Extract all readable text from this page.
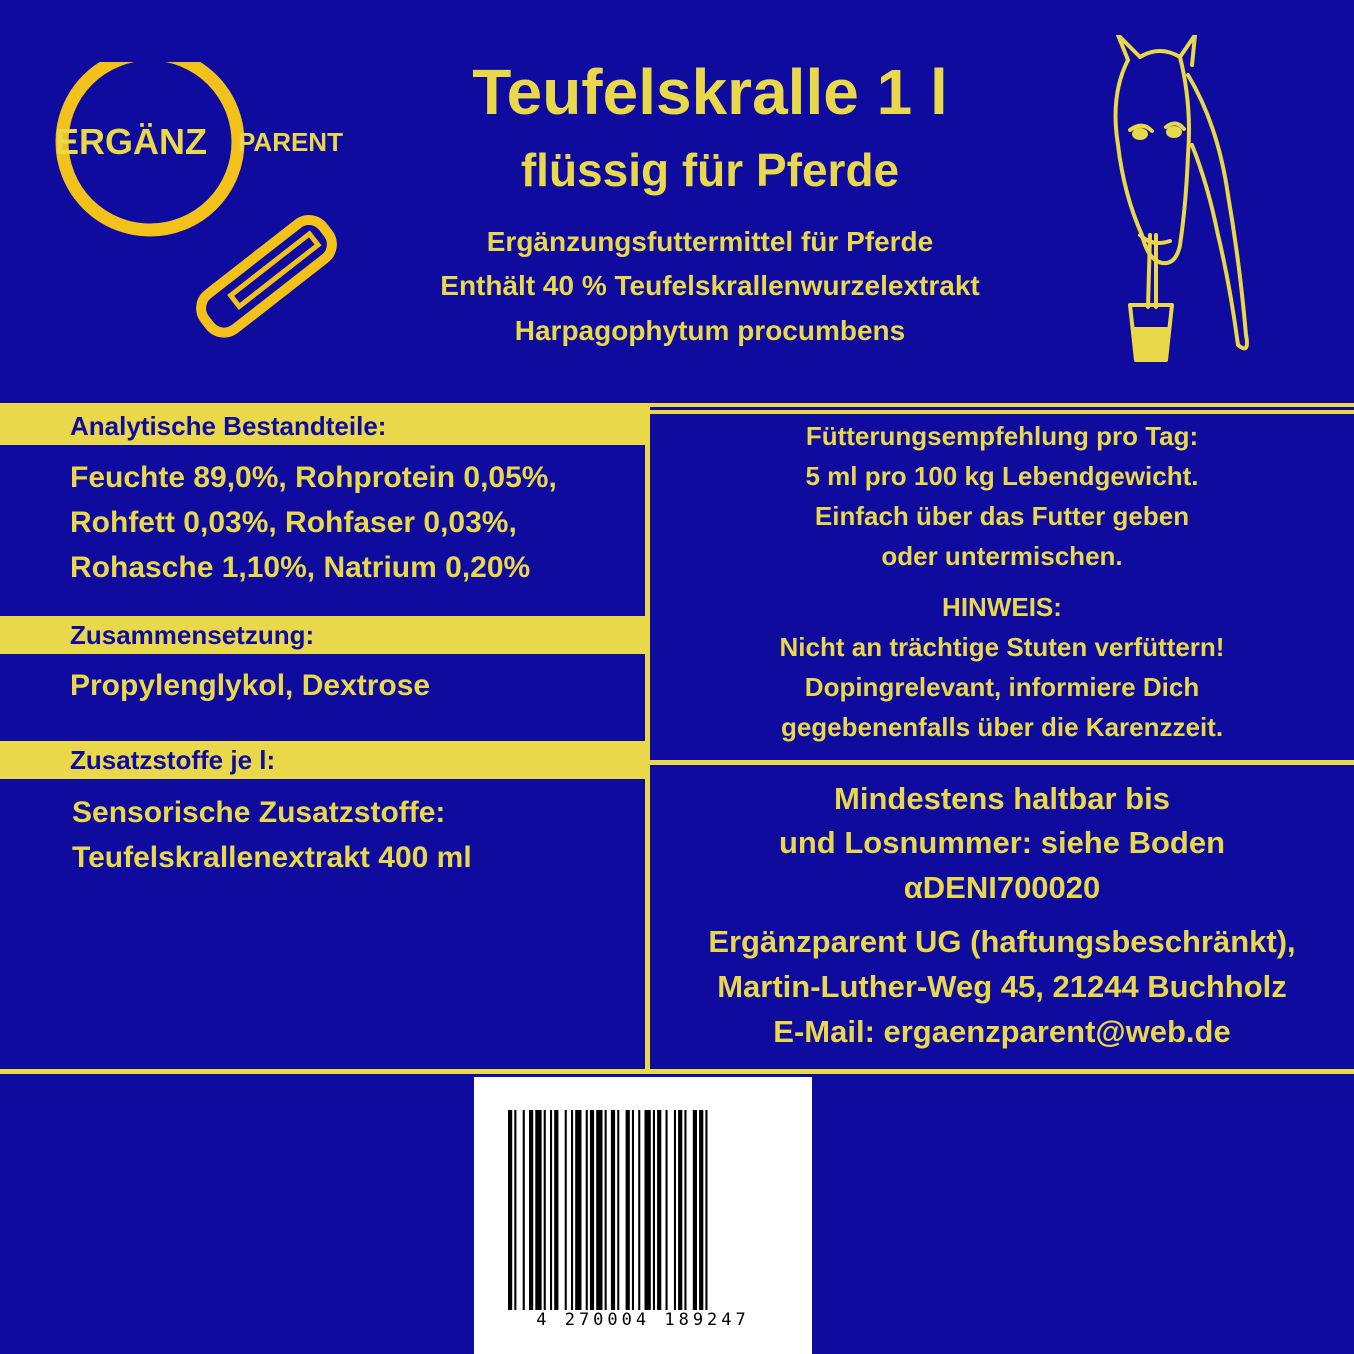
ERGÄNZ PARENT
Teufelskralle 1 l
flüssig für Pferde
Ergänzungsfuttermittel für Pferde
Enthält 40 % Teufelskrallenwurzelextrakt
Harpagophytum procumbens
Analytische Bestandteile:
Feuchte 89,0%, Rohprotein 0,05%,
Rohfett 0,03%, Rohfaser 0,03%,
Rohasche 1,10%, Natrium 0,20%
Zusammensetzung:
Propylenglykol, Dextrose
Zusatzstoffe je l:
Sensorische Zusatzstoffe:
Teufelskrallenextrakt 400 ml
Fütterungsempfehlung pro Tag:
5 ml pro 100 kg Lebendgewicht.
Einfach über das Futter geben
oder untermischen.
HINWEIS:
Nicht an trächtige Stuten verfüttern!
Dopingrelevant, informiere Dich
gegebenenfalls über die Karenzzeit.
Mindestens haltbar bis
und Losnummer: siehe Boden
αDENI700020
Ergänzparent UG (haftungsbeschränkt),
Martin-Luther-Weg 45, 21244 Buchholz
E-Mail: ergaenzparent@web.de
4 270004 189247
